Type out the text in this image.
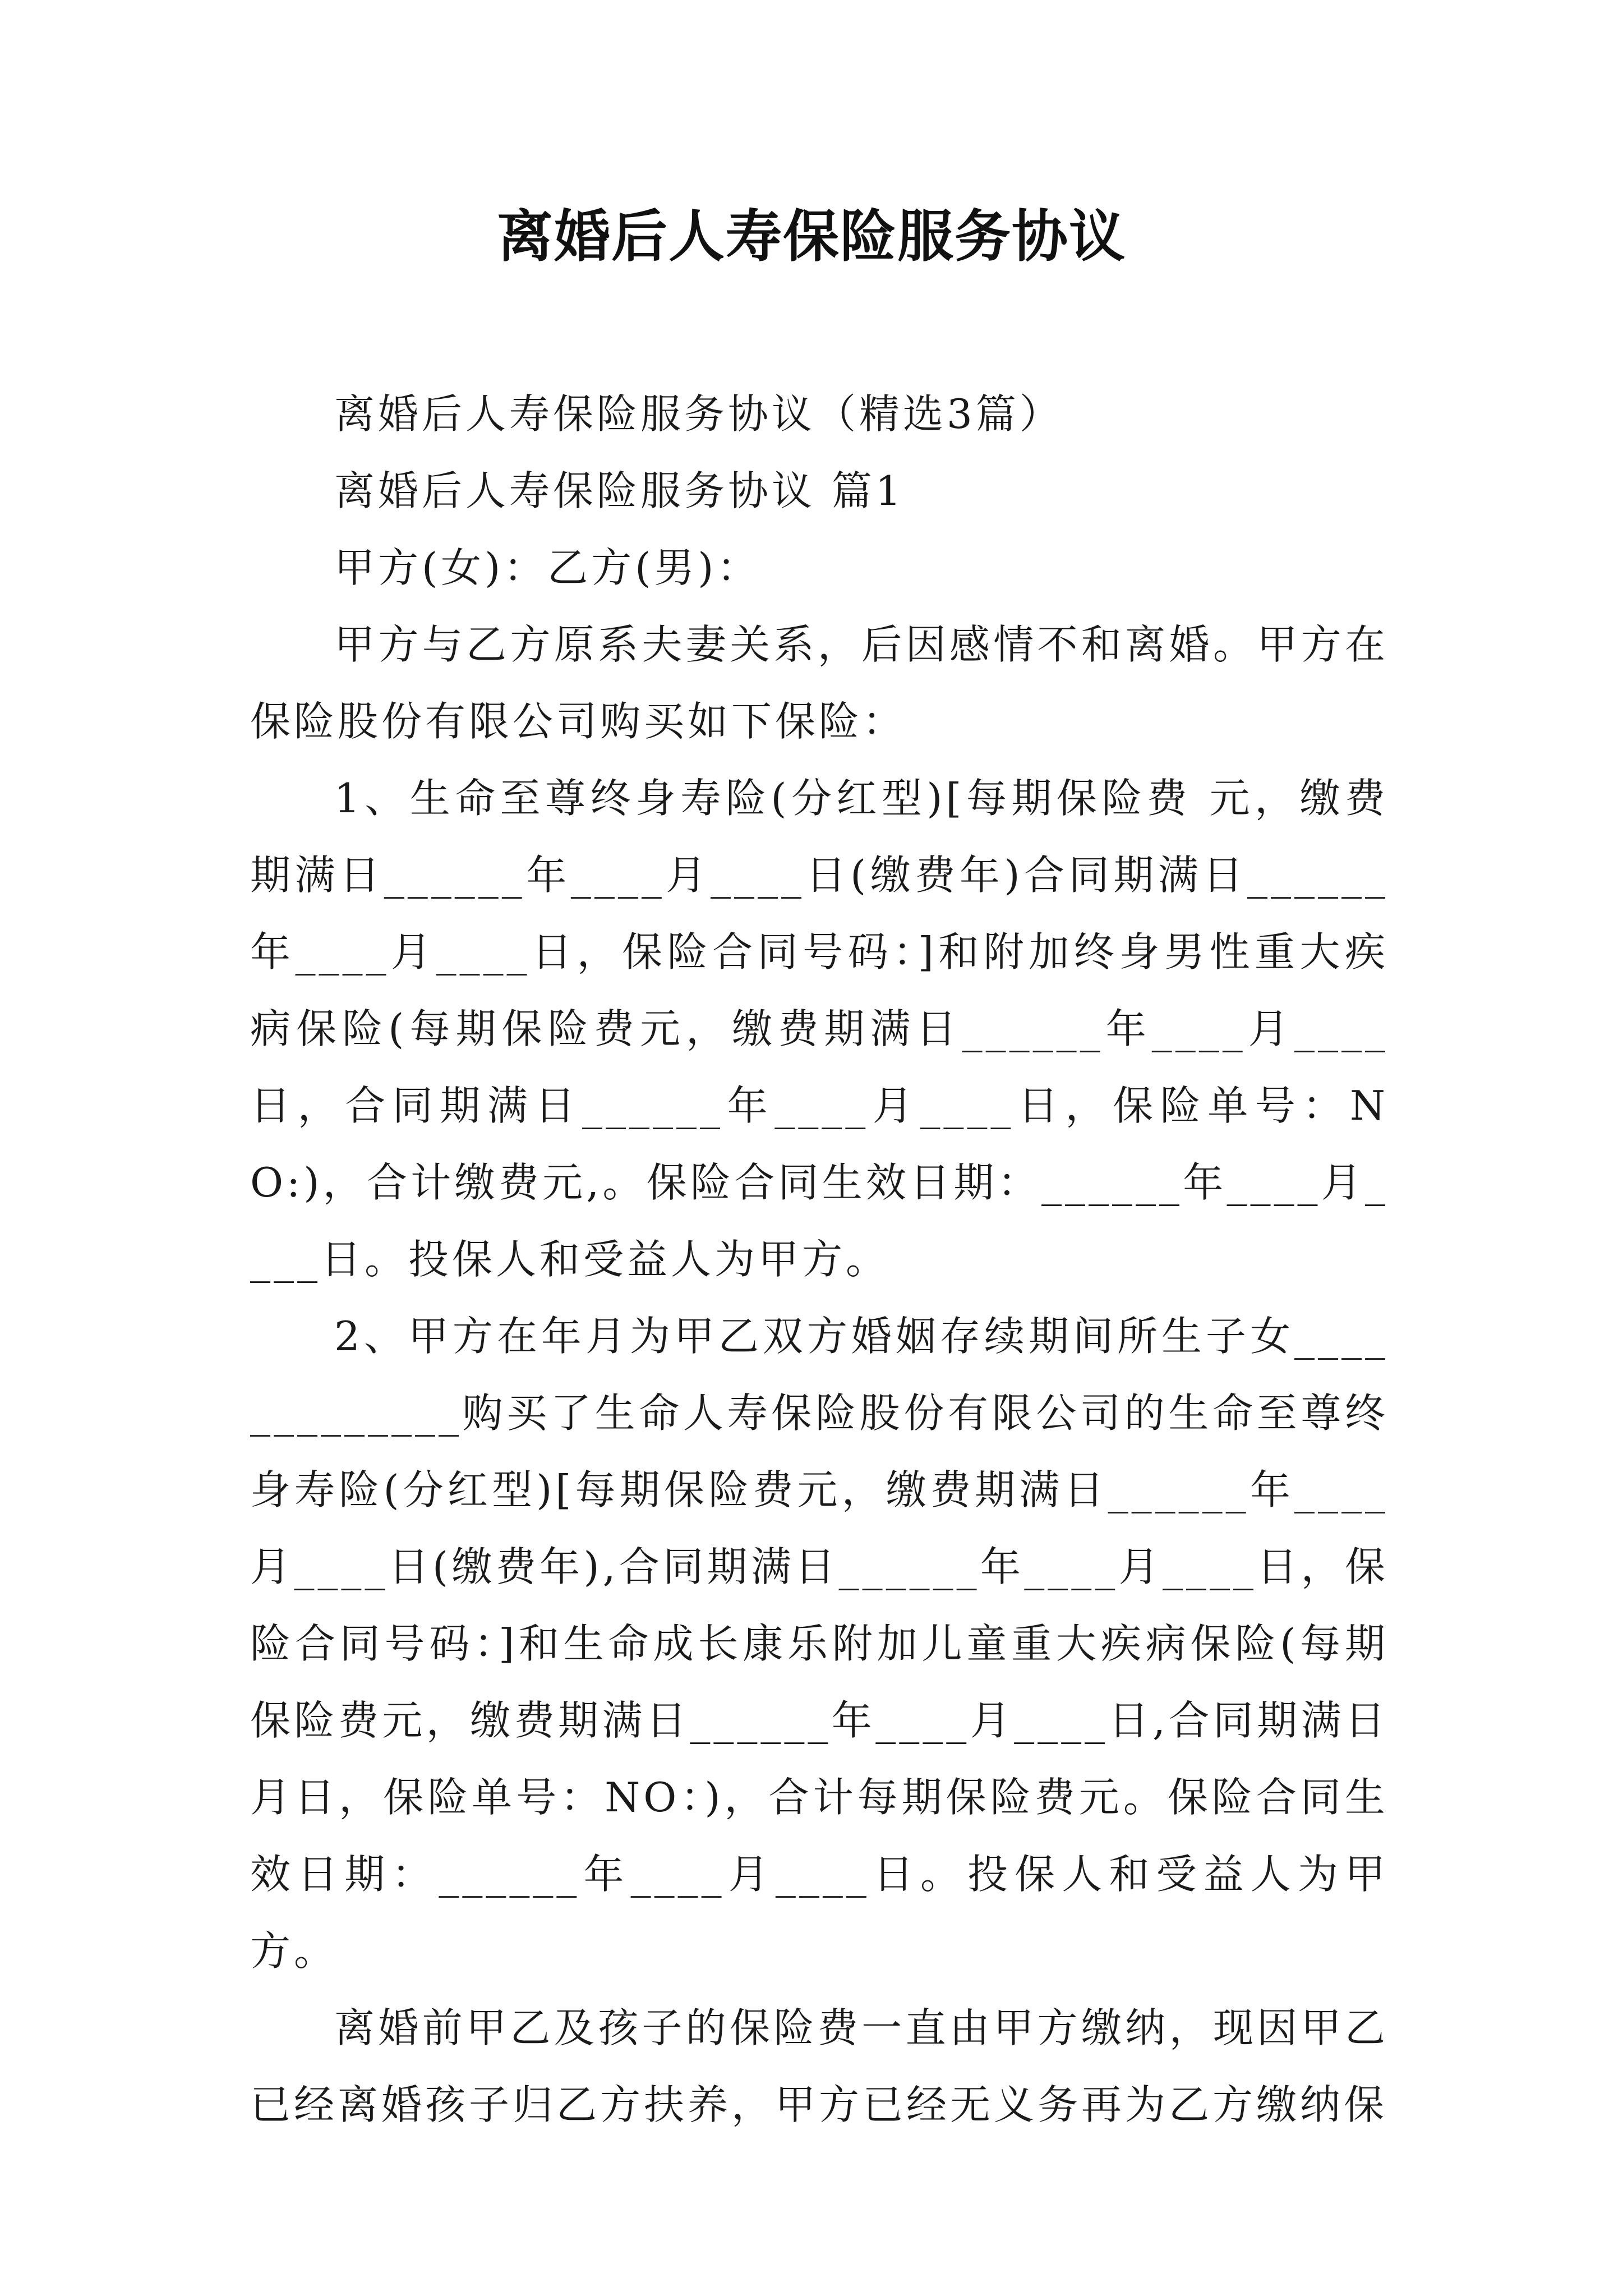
离婚后人寿保险服务协议

离婚后人寿保险服务协议（精选3篇）

离婚后人寿保险服务协议 篇1

甲方(女)：乙方(男)：

甲方与乙方原系夫妻关系，后因感情不和离婚。甲方在保险股份有限公司购买如下保险：

1、生命至尊终身寿险(分红型)[每期保险费 元，缴费期满日______年____月____日(缴费年)合同期满日______年____月____日，保险合同号码：]和附加终身男性重大疾病保险(每期保险费元，缴费期满日______年____月____日，合同期满日______年____月____日，保险单号：NO:)，合计缴费元,。保险合同生效日期：______年____月____日。投保人和受益人为甲方。

2、甲方在年月为甲乙双方婚姻存续期间所生子女_____________购买了生命人寿保险股份有限公司的生命至尊终身寿险(分红型)[每期保险费元，缴费期满日______年____月____日(缴费年),合同期满日______年____月____日，保险合同号码：]和生命成长康乐附加儿童重大疾病保险(每期保险费元，缴费期满日______年____月____日,合同期满日月日，保险单号：NO：)，合计每期保险费元。保险合同生效日期：______年____月____日。投保人和受益人为甲方。

离婚前甲乙及孩子的保险费一直由甲方缴纳，现因甲乙已经离婚孩子归乙方扶养，甲方已经无义务再为乙方缴纳保
